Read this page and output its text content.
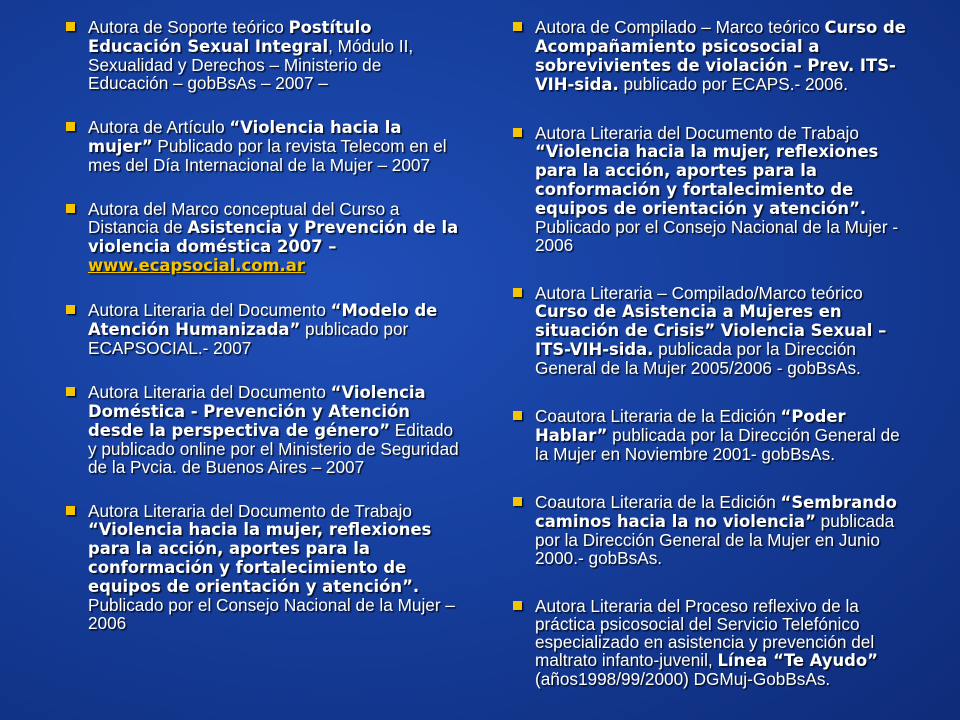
Autora de Soporte teórico Postítulo Educación Sexual Integral, Módulo II, Sexualidad y Derechos – Ministerio de Educación – gobBsAs – 2007 –
Autora de Artículo “Violencia hacia la mujer” Publicado por la revista Telecom en el mes del Día Internacional de la Mujer – 2007
Autora del Marco conceptual del Curso a Distancia de Asistencia y Prevención de la violencia doméstica 2007 – www.ecapsocial.com.ar
Autora Literaria del Documento “Modelo de Atención Humanizada” publicado por ECAPSOCIAL.- 2007
Autora Literaria del Documento “Violencia Doméstica - Prevención y Atención desde la perspectiva de género” Editado y publicado online por el Ministerio de Seguridad de la Pvcia. de Buenos Aires – 2007
Autora Literaria del Documento de Trabajo “Violencia hacia la mujer, reflexiones para la acción, aportes para la conformación y fortalecimiento de equipos de orientación y atención”. Publicado por el Consejo Nacional de la Mujer – 2006
Autora de Compilado – Marco teórico Curso de Acompañamiento psicosocial a sobrevivientes de violación – Prev. ITS-VIH-sida. publicado por ECAPS.- 2006.
Autora Literaria del Documento de Trabajo “Violencia hacia la mujer, reflexiones para la acción, aportes para la conformación y fortalecimiento de equipos de orientación y atención”. Publicado por el Consejo Nacional de la Mujer - 2006
Autora Literaria – Compilado/Marco teórico Curso de Asistencia a Mujeres en situación de Crisis” Violencia Sexual – ITS-VIH-sida. publicada por la Dirección General de la Mujer 2005/2006 - gobBsAs.
Coautora Literaria de la Edición “Poder Hablar” publicada por la Dirección General de la Mujer en Noviembre 2001- gobBsAs.
Coautora Literaria de la Edición “Sembrando caminos hacia la no violencia” publicada por la Dirección General de la Mujer en Junio 2000.- gobBsAs.
Autora Literaria del Proceso reflexivo de la práctica psicosocial del Servicio Telefónico especializado en asistencia y prevención del maltrato infanto-juvenil, Línea “Te Ayudo” (años1998/99/2000) DGMuj-GobBsAs.
